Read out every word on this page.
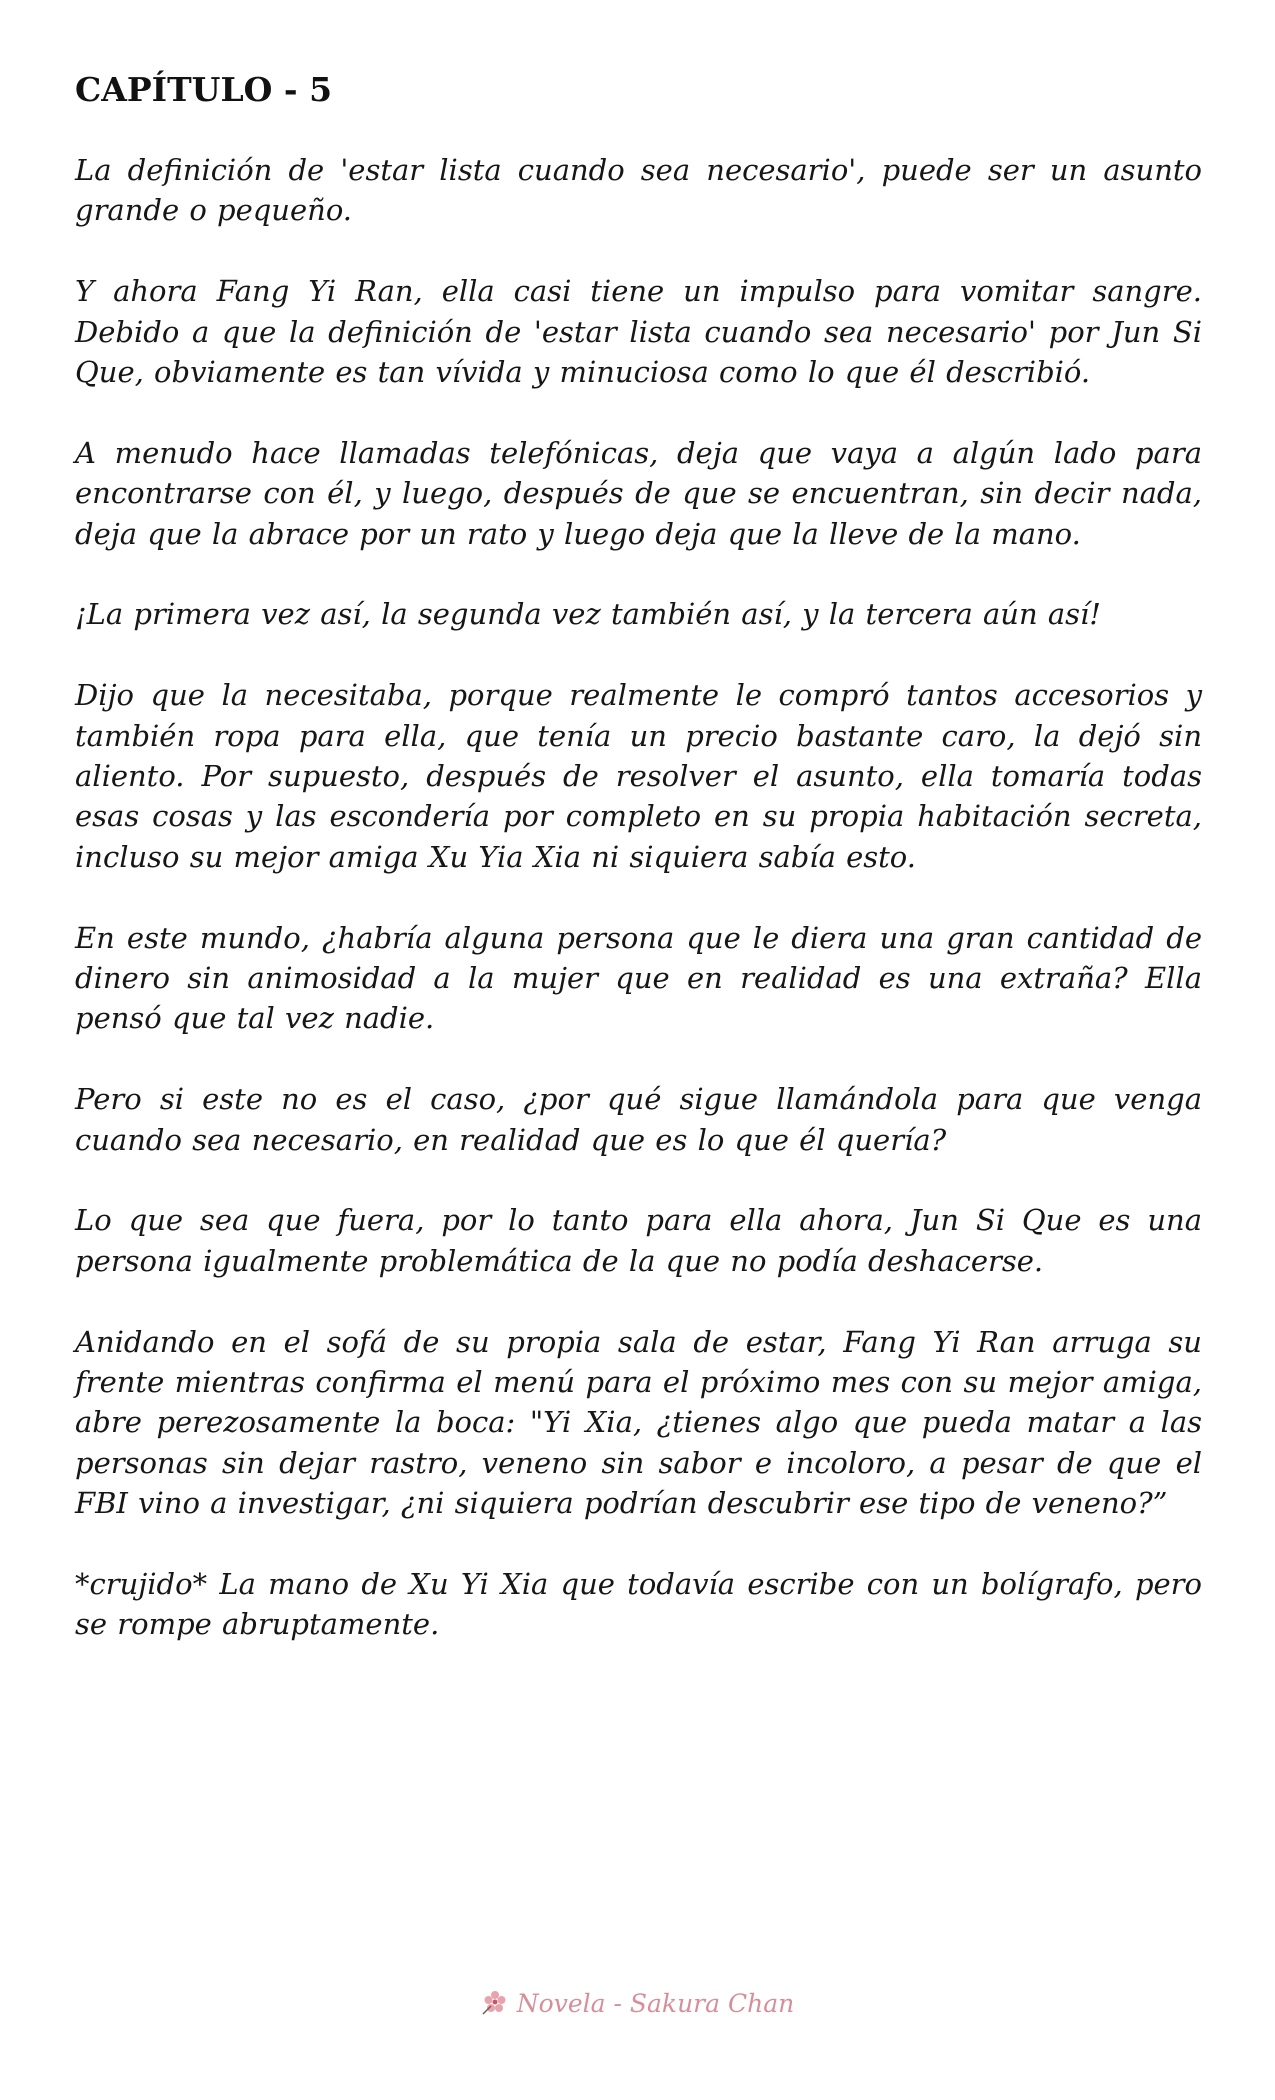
CAPÍTULO - 5

La definición de 'estar lista cuando sea necesario', puede ser un asunto grande o pequeño.

Y ahora Fang Yi Ran, ella casi tiene un impulso para vomitar sangre. Debido a que la definición de 'estar lista cuando sea necesario' por Jun Si Que, obviamente es tan vívida y minuciosa como lo que él describió.

A menudo hace llamadas telefónicas, deja que vaya a algún lado para encontrarse con él, y luego, después de que se encuentran, sin decir nada, deja que la abrace por un rato y luego deja que la lleve de la mano.

¡La primera vez así, la segunda vez también así, y la tercera aún así!

Dijo que la necesitaba, porque realmente le compró tantos accesorios y también ropa para ella, que tenía un precio bastante caro, la dejó sin aliento. Por supuesto, después de resolver el asunto, ella tomaría todas esas cosas y las escondería por completo en su propia habitación secreta, incluso su mejor amiga Xu Yia Xia ni siquiera sabía esto.

En este mundo, ¿habría alguna persona que le diera una gran cantidad de dinero sin animosidad a la mujer que en realidad es una extraña? Ella pensó que tal vez nadie.

Pero si este no es el caso, ¿por qué sigue llamándola para que venga cuando sea necesario, en realidad que es lo que él quería?

Lo que sea que fuera, por lo tanto para ella ahora, Jun Si Que es una persona igualmente problemática de la que no podía deshacerse.

Anidando en el sofá de su propia sala de estar, Fang Yi Ran arruga su frente mientras confirma el menú para el próximo mes con su mejor amiga, abre perezosamente la boca: "Yi Xia, ¿tienes algo que pueda matar a las personas sin dejar rastro, veneno sin sabor e incoloro, a pesar de que el FBI vino a investigar, ¿ni siquiera podrían descubrir ese tipo de veneno?”

*crujido* La mano de Xu Yi Xia que todavía escribe con un bolígrafo, pero se rompe abruptamente.

Novela - Sakura Chan
